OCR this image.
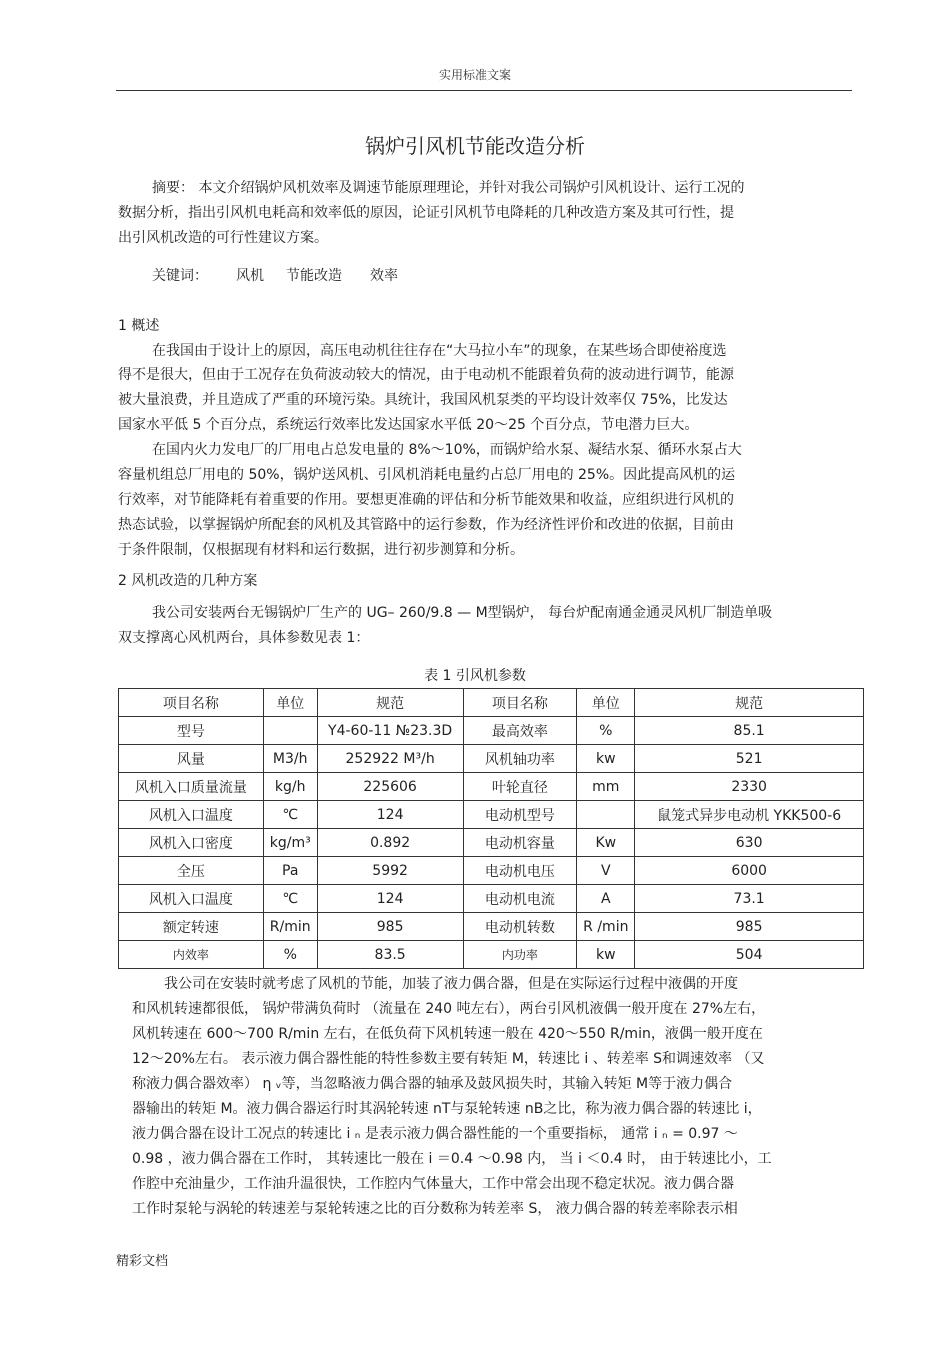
实用标准文案
锅炉引风机节能改造分析
摘要： 本文介绍锅炉风机效率及调速节能原理理论，并针对我公司锅炉引风机设计、运行工况的
数据分析，指出引风机电耗高和效率低的原因，论证引风机节电降耗的几种改造方案及其可行性，提
出引风机改造的可行性建议方案。
关键词： 风机 节能改造 效率
1 概述
在我国由于设计上的原因，高压电动机往往存在“大马拉小车”的现象，在某些场合即使裕度选
得不是很大，但由于工况存在负荷波动较大的情况，由于电动机不能跟着负荷的波动进行调节，能源
被大量浪费，并且造成了严重的环境污染。具统计，我国风机泵类的平均设计效率仅 75%，比发达
国家水平低 5 个百分点，系统运行效率比发达国家水平低 20～25 个百分点，节电潜力巨大。
在国内火力发电厂的厂用电占总发电量的 8%～10%，而锅炉给水泵、凝结水泵、循环水泵占大
容量机组总厂用电的 50%，锅炉送风机、引风机消耗电量约占总厂用电的 25%。因此提高风机的运
行效率，对节能降耗有着重要的作用。要想更准确的评估和分析节能效果和收益，应组织进行风机的
热态试验，以掌握锅炉所配套的风机及其管路中的运行参数，作为经济性评价和改进的依据，目前由
于条件限制，仅根据现有材料和运行数据，进行初步测算和分析。
2 风机改造的几种方案
我公司安装两台无锡锅炉厂生产的 UG– 260/9.8 — M型锅炉， 每台炉配南通金通灵风机厂制造单吸
双支撑离心风机两台，具体参数见表 1：
表 1 引风机参数
项目名称	单位	规范	项目名称	单位	规范
型号		Y4-60-11 №23.3D	最高效率	%	85.1
风量	M3/h	252922 M³/h	风机轴功率	kw	521
风机入口质量流量	kg/h	225606	叶轮直径	mm	2330
风机入口温度	℃	124	电动机型号		鼠笼式异步电动机 YKK500-6
风机入口密度	kg/m³	0.892	电动机容量	Kw	630
全压	Pa	5992	电动机电压	V	6000
风机入口温度	℃	124	电动机电流	A	73.1
额定转速	R/min	985	电动机转数	R /min	985
内效率	%	83.5	内功率	kw	504
我公司在安装时就考虑了风机的节能，加装了液力偶合器，但是在实际运行过程中液偶的开度
和风机转速都很低， 锅炉带满负荷时 （流量在 240 吨左右），两台引风机液偶一般开度在 27%左右，
风机转速在 600～700 R/min 左右，在低负荷下风机转速一般在 420～550 R/min，液偶一般开度在
12～20%左右。 表示液力偶合器性能的特性参数主要有转矩 M，转速比 i 、转差率 S和调速效率 （又
称液力偶合器效率） η ᵥ等，当忽略液力偶合器的轴承及鼓风损失时，其输入转矩 M等于液力偶合
器输出的转矩 M。液力偶合器运行时其涡轮转速 nT与泵轮转速 nB之比，称为液力偶合器的转速比 i，
液力偶合器在设计工况点的转速比 i ₙ 是表示液力偶合器性能的一个重要指标， 通常 i ₙ = 0.97 ～
0.98 ，液力偶合器在工作时， 其转速比一般在 i ＝0.4 ～0.98 内， 当 i ＜0.4 时， 由于转速比小，工
作腔中充油量少，工作油升温很快，工作腔内气体量大，工作中常会出现不稳定状况。液力偶合器
工作时泵轮与涡轮的转速差与泵轮转速之比的百分数称为转差率 S， 液力偶合器的转差率除表示相
精彩文档
